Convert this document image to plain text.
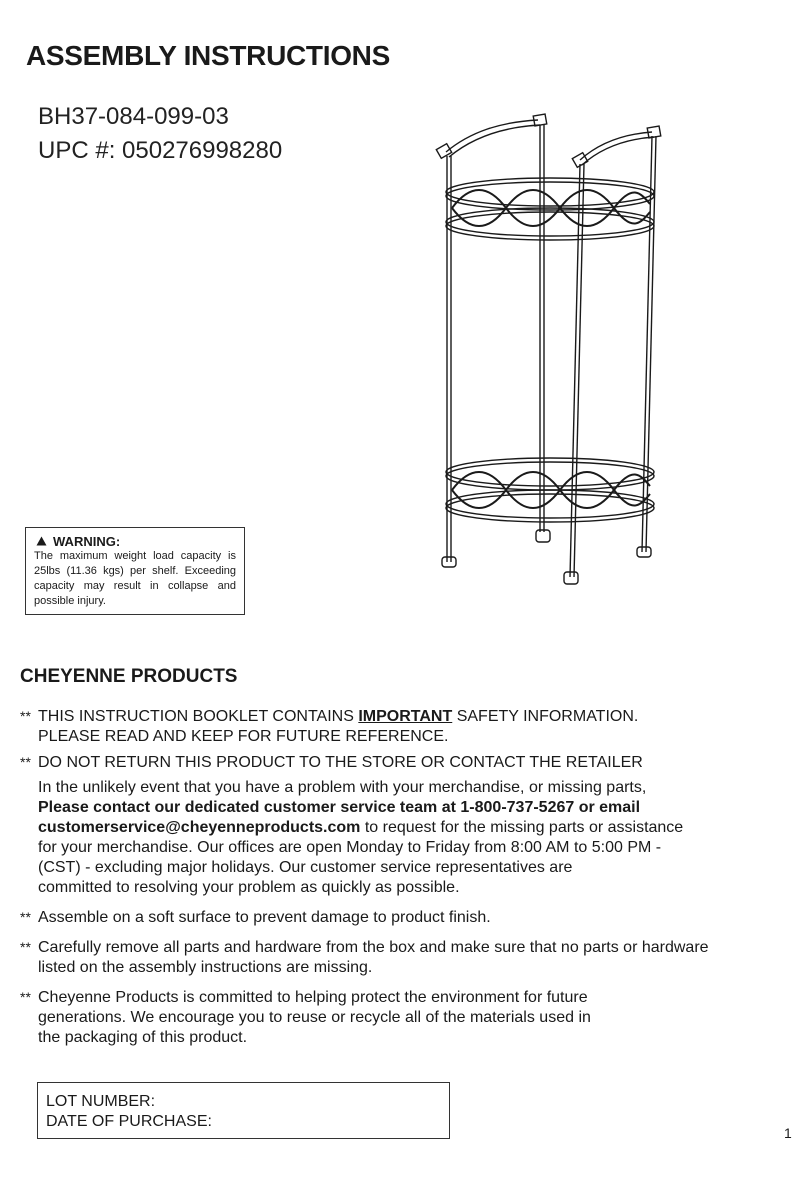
ASSEMBLY INSTRUCTIONS
BH37-084-099-03
UPC #: 050276998280
WARNING:
The maximum weight load capacity is 25lbs (11.36 kgs) per shelf. Exceeding capacity may result in collapse and possible injury.
CHEYENNE PRODUCTS
** THIS INSTRUCTION BOOKLET CONTAINS IMPORTANT SAFETY INFORMATION.
PLEASE READ AND KEEP FOR FUTURE REFERENCE.
** DO NOT RETURN THIS PRODUCT TO THE STORE OR CONTACT THE RETAILER
In the unlikely event that you have a problem with your merchandise, or missing parts,
Please contact our dedicated customer service team at 1-800-737-5267 or email
customerservice@cheyenneproducts.com to request for the missing parts or assistance
for your merchandise. Our offices are open Monday to Friday from 8:00 AM to 5:00 PM -
(CST) - excluding major holidays. Our customer service representatives are
committed to resolving your problem as quickly as possible.
** Assemble on a soft surface to prevent damage to product finish.
** Carefully remove all parts and hardware from the box and make sure that no parts or hardware
listed on the assembly instructions are missing.
** Cheyenne Products is committed to helping protect the environment for future
generations. We encourage you to reuse or recycle all of the materials used in
the packaging of this product.
LOT NUMBER:
DATE OF PURCHASE:
1
